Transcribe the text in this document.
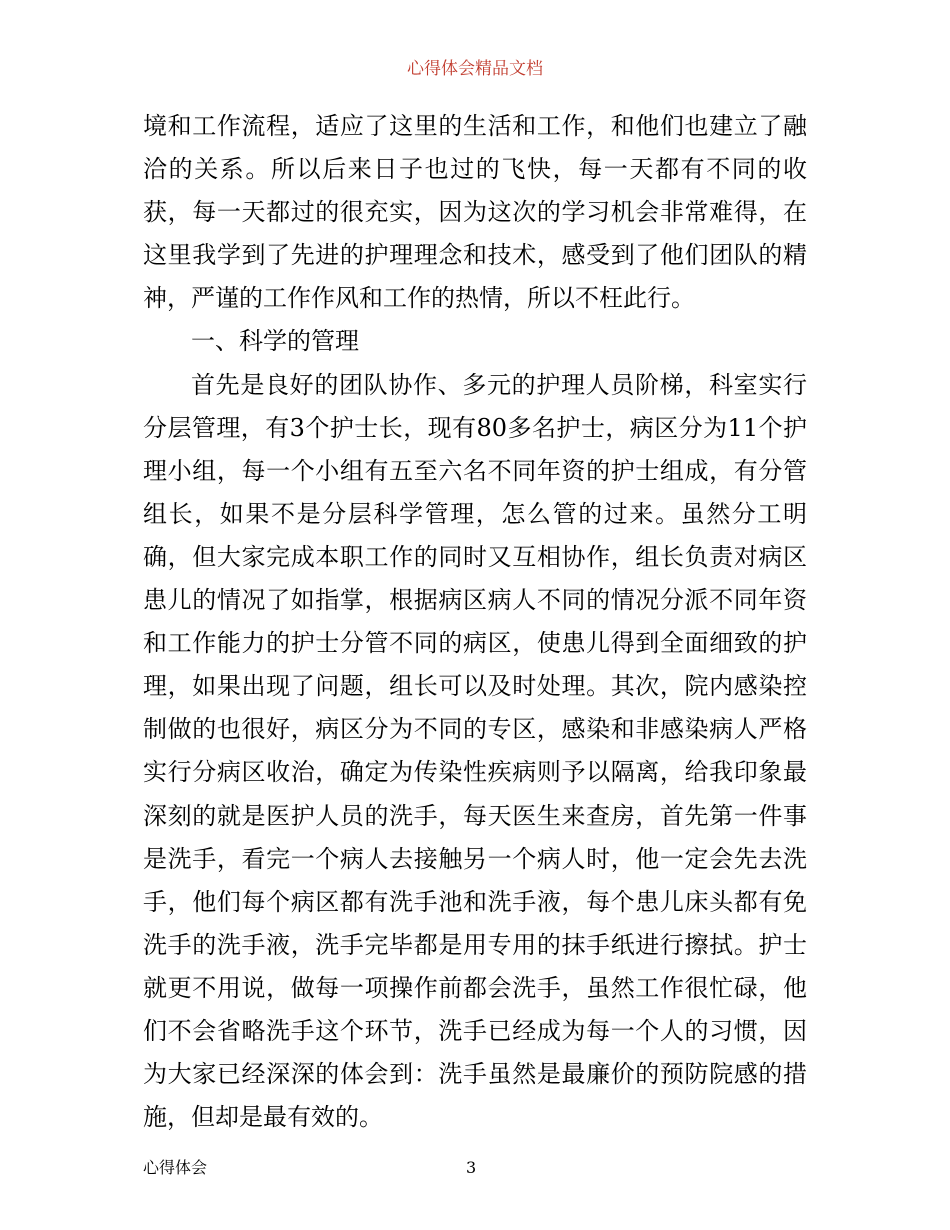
心得体会精品文档

境和工作流程，适应了这里的生活和工作，和他们也建立了融洽的关系。所以后来日子也过的飞快，每一天都有不同的收获，每一天都过的很充实，因为这次的学习机会非常难得，在这里我学到了先进的护理理念和技术，感受到了他们团队的精神，严谨的工作作风和工作的热情，所以不枉此行。

一、科学的管理

首先是良好的团队协作、多元的护理人员阶梯，科室实行分层管理，有3个护士长，现有80多名护士，病区分为11个护理小组，每一个小组有五至六名不同年资的护士组成，有分管组长，如果不是分层科学管理，怎么管的过来。虽然分工明确，但大家完成本职工作的同时又互相协作，组长负责对病区患儿的情况了如指掌，根据病区病人不同的情况分派不同年资和工作能力的护士分管不同的病区，使患儿得到全面细致的护理，如果出现了问题，组长可以及时处理。其次，院内感染控制做的也很好，病区分为不同的专区，感染和非感染病人严格实行分病区收治，确定为传染性疾病则予以隔离，给我印象最深刻的就是医护人员的洗手，每天医生来查房，首先第一件事是洗手，看完一个病人去接触另一个病人时，他一定会先去洗手，他们每个病区都有洗手池和洗手液，每个患儿床头都有免洗手的洗手液，洗手完毕都是用专用的抹手纸进行擦拭。护士就更不用说，做每一项操作前都会洗手，虽然工作很忙碌，他们不会省略洗手这个环节，洗手已经成为每一个人的习惯，因为大家已经深深的体会到：洗手虽然是最廉价的预防院感的措施，但却是最有效的。

心得体会	3
